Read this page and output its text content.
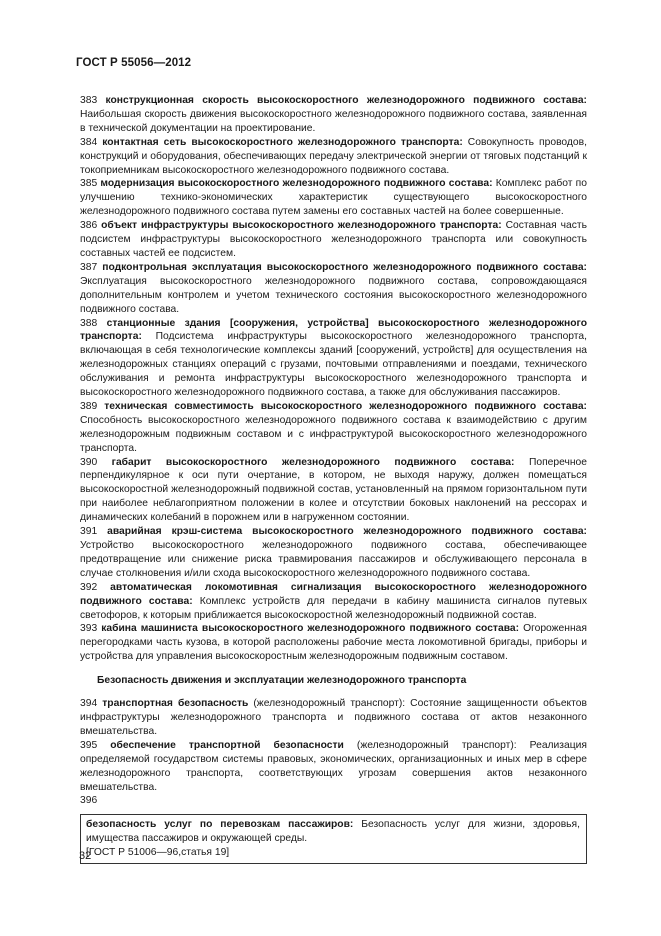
ГОСТ Р 55056—2012

383 конструкционная скорость высокоскоростного железнодорожного подвижного состава: Наибольшая скорость движения высокоскоростного железнодорожного подвижного состава, заявленная в технической документации на проектирование.

384 контактная сеть высокоскоростного железнодорожного транспорта: Совокупность проводов, конструкций и оборудования, обеспечивающих передачу электрической энергии от тяговых подстанций к токоприемникам высокоскоростного железнодорожного подвижного состава.

385 модернизация высокоскоростного железнодорожного подвижного состава: Комплекс работ по улучшению технико-экономических характеристик существующего высокоскоростного железнодорожного подвижного состава путем замены его составных частей на более совершенные.

386 объект инфраструктуры высокоскоростного железнодорожного транспорта: Составная часть подсистем инфраструктуры высокоскоростного железнодорожного транспорта или совокупность составных частей ее подсистем.

387 подконтрольная эксплуатация высокоскоростного железнодорожного подвижного состава: Эксплуатация высокоскоростного железнодорожного подвижного состава, сопровождающаяся дополнительным контролем и учетом технического состояния высокоскоростного железнодорожного подвижного состава.

388 станционные здания [сооружения, устройства] высокоскоростного железнодорожного транспорта: Подсистема инфраструктуры высокоскоростного железнодорожного транспорта, включающая в себя технологические комплексы зданий [сооружений, устройств] для осуществления на железнодорожных станциях операций с грузами, почтовыми отправлениями и поездами, технического обслуживания и ремонта инфраструктуры высокоскоростного железнодорожного транспорта и высокоскоростного железнодорожного подвижного состава, а также для обслуживания пассажиров.

389 техническая совместимость высокоскоростного железнодорожного подвижного состава: Способность высокоскоростного железнодорожного подвижного состава к взаимодействию с другим железнодорожным подвижным составом и с инфраструктурой высокоскоростного железнодорожного транспорта.

390 габарит высокоскоростного железнодорожного подвижного состава: Поперечное перпендикулярное к оси пути очертание, в котором, не выходя наружу, должен помещаться высокоскоростной железнодорожный подвижной состав, установленный на прямом горизонтальном пути при наиболее неблагоприятном положении в колее и отсутствии боковых наклонений на рессорах и динамических колебаний в порожнем или в нагруженном состоянии.

391 аварийная крэш-система высокоскоростного железнодорожного подвижного состава: Устройство высокоскоростного железнодорожного подвижного состава, обеспечивающее предотвращение или снижение риска травмирования пассажиров и обслуживающего персонала в случае столкновения и/или схода высокоскоростного железнодорожного подвижного состава.

392 автоматическая локомотивная сигнализация высокоскоростного железнодорожного подвижного состава: Комплекс устройств для передачи в кабину машиниста сигналов путевых светофоров, к которым приближается высокоскоростной железнодорожный подвижной состав.

393 кабина машиниста высокоскоростного железнодорожного подвижного состава: Огороженная перегородками часть кузова, в которой расположены рабочие места локомотивной бригады, приборы и устройства для управления высокоскоростным железнодорожным подвижным составом.

Безопасность движения и эксплуатации железнодорожного транспорта

394 транспортная безопасность (железнодорожный транспорт): Состояние защищенности объектов инфраструктуры железнодорожного транспорта и подвижного состава от актов незаконного вмешательства.

395 обеспечение транспортной безопасности (железнодорожный транспорт): Реализация определяемой государством системы правовых, экономических, организационных и иных мер в сфере железнодорожного транспорта, соответствующих угрозам совершения актов незаконного вмешательства.

396
безопасность услуг по перевозкам пассажиров: Безопасность услуг для жизни, здоровья, имущества пассажиров и окружающей среды.
[ГОСТ Р 51006—96,статья 19]
32
